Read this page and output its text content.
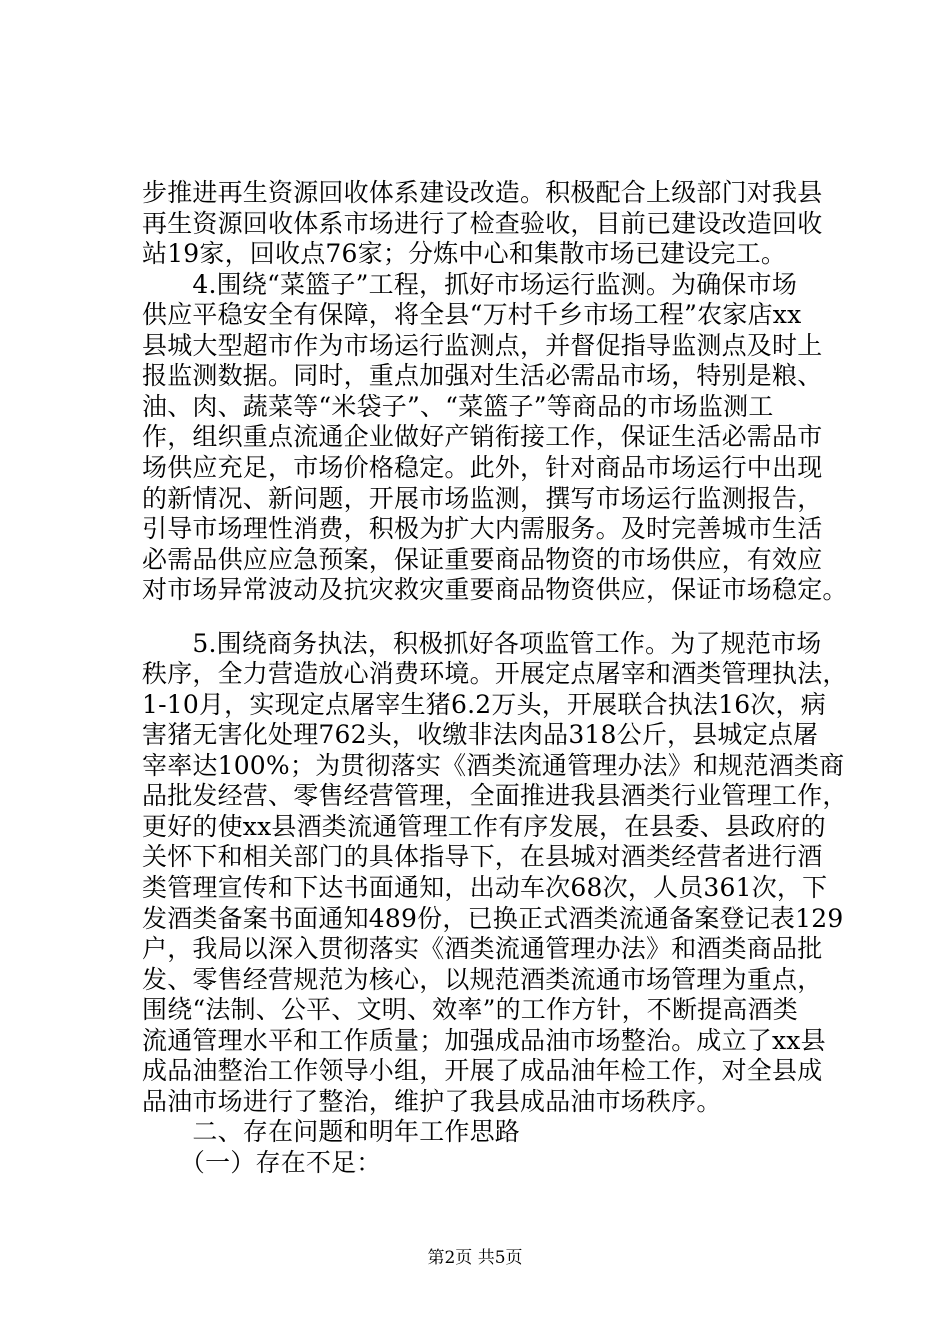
步推进再生资源回收体系建设改造。积极配合上级部门对我县
再生资源回收体系市场进行了检查验收，目前已建设改造回收
站19家，回收点76家；分炼中心和集散市场已建设完工。
　　4.围绕“菜篮子”工程，抓好市场运行监测。为确保市场
供应平稳安全有保障，将全县“万村千乡市场工程”农家店xx
县城大型超市作为市场运行监测点，并督促指导监测点及时上
报监测数据。同时，重点加强对生活必需品市场，特别是粮、
油、肉、蔬菜等“米袋子”、“菜篮子”等商品的市场监测工
作，组织重点流通企业做好产销衔接工作，保证生活必需品市
场供应充足，市场价格稳定。此外，针对商品市场运行中出现
的新情况、新问题，开展市场监测，撰写市场运行监测报告，
引导市场理性消费，积极为扩大内需服务。及时完善城市生活
必需品供应应急预案，保证重要商品物资的市场供应，有效应
对市场异常波动及抗灾救灾重要商品物资供应，保证市场稳定。
　　5.围绕商务执法，积极抓好各项监管工作。为了规范市场
秩序，全力营造放心消费环境。开展定点屠宰和酒类管理执法，
1-10月，实现定点屠宰生猪6.2万头，开展联合执法16次，病
害猪无害化处理762头，收缴非法肉品318公斤，县城定点屠
宰率达100%；为贯彻落实《酒类流通管理办法》和规范酒类商
品批发经营、零售经营管理，全面推进我县酒类行业管理工作，
更好的使xx县酒类流通管理工作有序发展，在县委、县政府的
关怀下和相关部门的具体指导下，在县城对酒类经营者进行酒
类管理宣传和下达书面通知，出动车次68次，人员361次，下
发酒类备案书面通知489份，已换正式酒类流通备案登记表129
户，我局以深入贯彻落实《酒类流通管理办法》和酒类商品批
发、零售经营规范为核心，以规范酒类流通市场管理为重点，
围绕“法制、公平、文明、效率”的工作方针，不断提高酒类
流通管理水平和工作质量；加强成品油市场整治。成立了xx县
成品油整治工作领导小组，开展了成品油年检工作，对全县成
品油市场进行了整治，维护了我县成品油市场秩序。
　　二、存在问题和明年工作思路
　　（一）存在不足：
第2页 共5页
